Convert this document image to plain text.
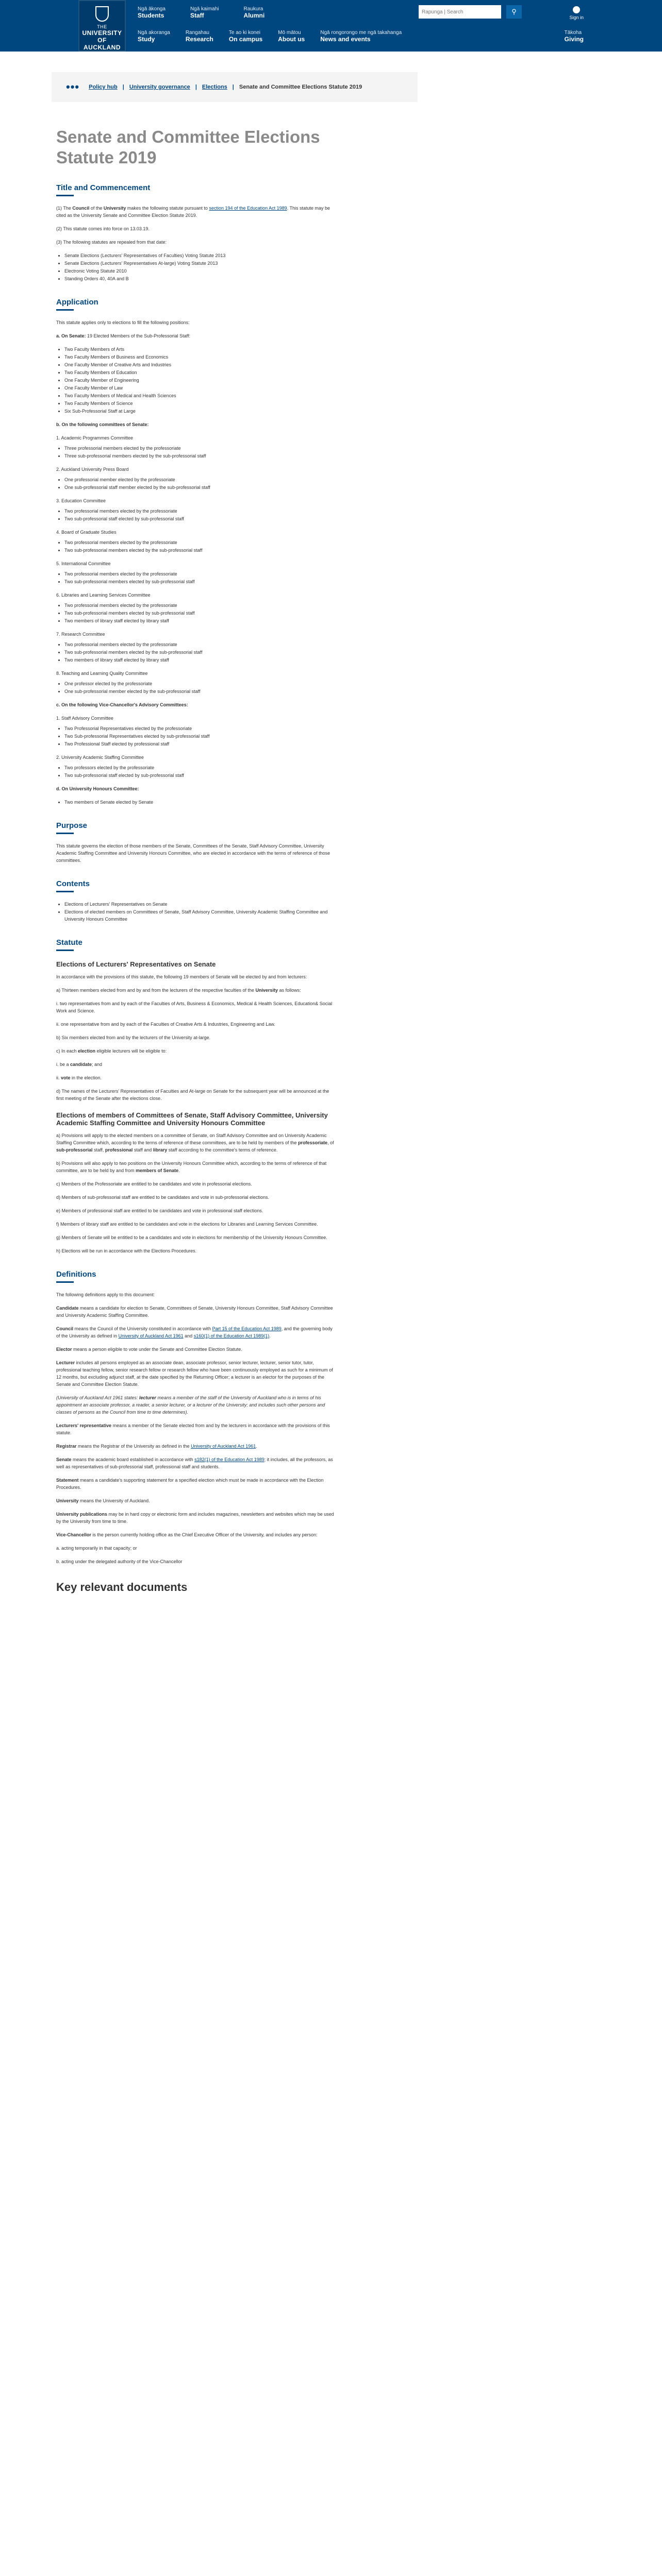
THE
UNIVERSITY OF AUCKLAND
Waipapa Taumata Rau
NEW ZEALAND
Ngā ākonga
Students
Ngā kaimahi
Staff
Raukura
Alumni
Rapunga | Search	⚲
Sign in
Ngā akoranga
Study
Rangahau
Research
Te ao ki konei
On campus
Mō mātou
About us
Ngā rongorongo me ngā takahanga
News and events
Tākoha
Giving
••• Policy hub | University governance | Elections | Senate and Committee Elections Statute 2019
Senate and Committee Elections Statute 2019
Title and Commencement

(1) The Council of the University makes the following statute pursuant to section 194 of the Education Act 1989. This statute may be cited as the University Senate and Committee Election Statute 2019.

(2) This statute comes into force on 13.03.19.

(3) The following statutes are repealed from that date:

• Senate Elections (Lecturers' Representatives of Faculties) Voting Statute 2013
• Senate Elections (Lecturers' Representatives At-large) Voting Statute 2013
• Electronic Voting Statute 2010
• Standing Orders 40, 40A and B
Application

This statute applies only to elections to fill the following positions:

a. On Senate: 19 Elected Members of the Sub-Professorial Staff:

• Two Faculty Members of Arts
• Two Faculty Members of Business and Economics
• One Faculty Member of Creative Arts and Industries
• Two Faculty Members of Education
• One Faculty Member of Engineering
• One Faculty Member of Law
• Two Faculty Members of Medical and Health Sciences
• Two Faculty Members of Science
• Six Sub-Professorial Staff at Large

b. On the following committees of Senate:

1. Academic Programmes Committee
• Three professorial members elected by the professoriate
• Three sub-professorial members elected by the sub-professorial staff
2. Auckland University Press Board
• One professorial member elected by the professoriate
• One sub-professorial staff member elected by the sub-professorial staff
3. Education Committee
• Two professorial members elected by the professoriate
• Two sub-professorial staff elected by sub-professorial staff
4. Board of Graduate Studies
• Two professorial members elected by the professoriate
• Two sub-professorial members elected by the sub-professorial staff
5. International Committee
• Two professorial members elected by the professoriate
• Two sub-professorial members elected by sub-professorial staff
6. Libraries and Learning Services Committee
• Two professorial members elected by the professoriate
• Two sub-professorial members elected by sub-professorial staff
• Two members of library staff elected by library staff
7. Research Committee
• Two professorial members elected by the professoriate
• Two sub-professorial members elected by the sub-professorial staff
• Two members of library staff elected by library staff
8. Teaching and Learning Quality Committee
• One professor elected by the professoriate
• One sub-professorial member elected by the sub-professorial staff

c. On the following Vice-Chancellor's Advisory Committees:

1. Staff Advisory Committee
• Two Professorial Representatives elected by the professoriate
• Two Sub-professorial Representatives elected by sub-professorial staff
• Two Professional Staff elected by professional staff
2. University Academic Staffing Committee
• Two professors elected by the professoriate
• Two sub-professorial staff elected by sub-professorial staff

d. On University Honours Committee:

• Two members of Senate elected by Senate
Purpose

This statute governs the election of those members of the Senate, Committees of the Senate, Staff Advisory Committee, University Academic Staffing Committee and University Honours Committee, who are elected in accordance with the terms of reference of those committees.

Contents
• Elections of Lecturers' Representatives on Senate
• Elections of elected members on Committees of Senate, Staff Advisory Committee, University Academic Staffing Committee and University Honours Committee
Statute
Elections of Lecturers' Representatives on Senate

In accordance with the provisions of this statute, the following 19 members of Senate will be elected by and from lecturers:

a) Thirteen members elected from and by and from the lecturers of the respective faculties of the University as follows:

i. two representatives from and by each of the Faculties of Arts, Business & Economics, Medical & Health Sciences, Education& Social Work and Science.

ii. one representative from and by each of the Faculties of Creative Arts & Industries, Engineering and Law.

b) Six members elected from and by the lecturers of the University at-large.

c) In each election eligible lecturers will be eligible to:

i. be a candidate; and

ii. vote in the election.

d) The names of the Lecturers' Representatives of Faculties and At-large on Senate for the subsequent year will be announced at the first meeting of the Senate after the elections close.

Elections of members of Committees of Senate, Staff Advisory Committee, University Academic Staffing Committee and University Honours Committee

a) Provisions will apply to the elected members on a committee of Senate, on Staff Advisory Committee and on University Academic Staffing Committee which, according to the terms of reference of these committees, are to be held by members of the professoriate, of sub-professorial staff, professional staff and library staff according to the committee's terms of reference.

b) Provisions will also apply to two positions on the University Honours Committee which, according to the terms of reference of that committee, are to be held by and from members of Senate.

c) Members of the Professoriate are entitled to be candidates and vote in professorial elections.

d) Members of sub-professorial staff are entitled to be candidates and vote in sub-professorial elections.

e) Members of professional staff are entitled to be candidates and vote in professional staff elections.

f) Members of library staff are entitled to be candidates and vote in the elections for Libraries and Learning Services Committee.

g) Members of Senate will be entitled to be a candidates and vote in elections for membership of the University Honours Committee.

h) Elections will be run in accordance with the Elections Procedures.

Definitions

The following definitions apply to this document:

Candidate means a candidate for election to Senate, Committees of Senate, University Honours Committee, Staff Advisory Committee and University Academic Staffing Committee.

Council means the Council of the University constituted in accordance with Part 15 of the Education Act 1989, and the governing body of the University as defined in University of Auckland Act 1961 and s160(1) of the Education Act 1989(1).

Elector means a person eligible to vote under the Senate and Committee Election Statute.

Lecturer includes all persons employed as an associate dean, associate professor, senior lecturer, lecturer, senior tutor, tutor, professional teaching fellow, senior research fellow or research fellow who have been continuously employed as such for a minimum of 12 months, but excluding adjunct staff, at the date specified by the Returning Officer; a lecturer is an elector for the purposes of the Senate and Committee Election Statute.

(University of Auckland Act 1961 states: lecturer means a member of the staff of the University of Auckland who is in terms of his appointment an associate professor, a reader, a senior lecturer, or a lecturer of the University; and includes such other persons and classes of persons as the Council from time to time determines).

Lecturers' representative means a member of the Senate elected from and by the lecturers in accordance with the provisions of this statute.

Registrar means the Registrar of the University as defined in the University of Auckland Act 1961.

Senate means the academic board established in accordance with s182(1) of the Education Act 1989; it includes, all the professors, as well as representatives of sub-professorial staff, professional staff and students.

Statement means a candidate's supporting statement for a specified election which must be made in accordance with the Election Procedures.

University means the University of Auckland.

University publications may be in hard copy or electronic form and includes magazines, newsletters and websites which may be used by the University from time to time.

Vice-Chancellor is the person currently holding office as the Chief Executive Officer of the University, and includes any person:

a. acting temporarily in that capacity; or

b. acting under the delegated authority of the Vice-Chancellor

Key relevant documents
